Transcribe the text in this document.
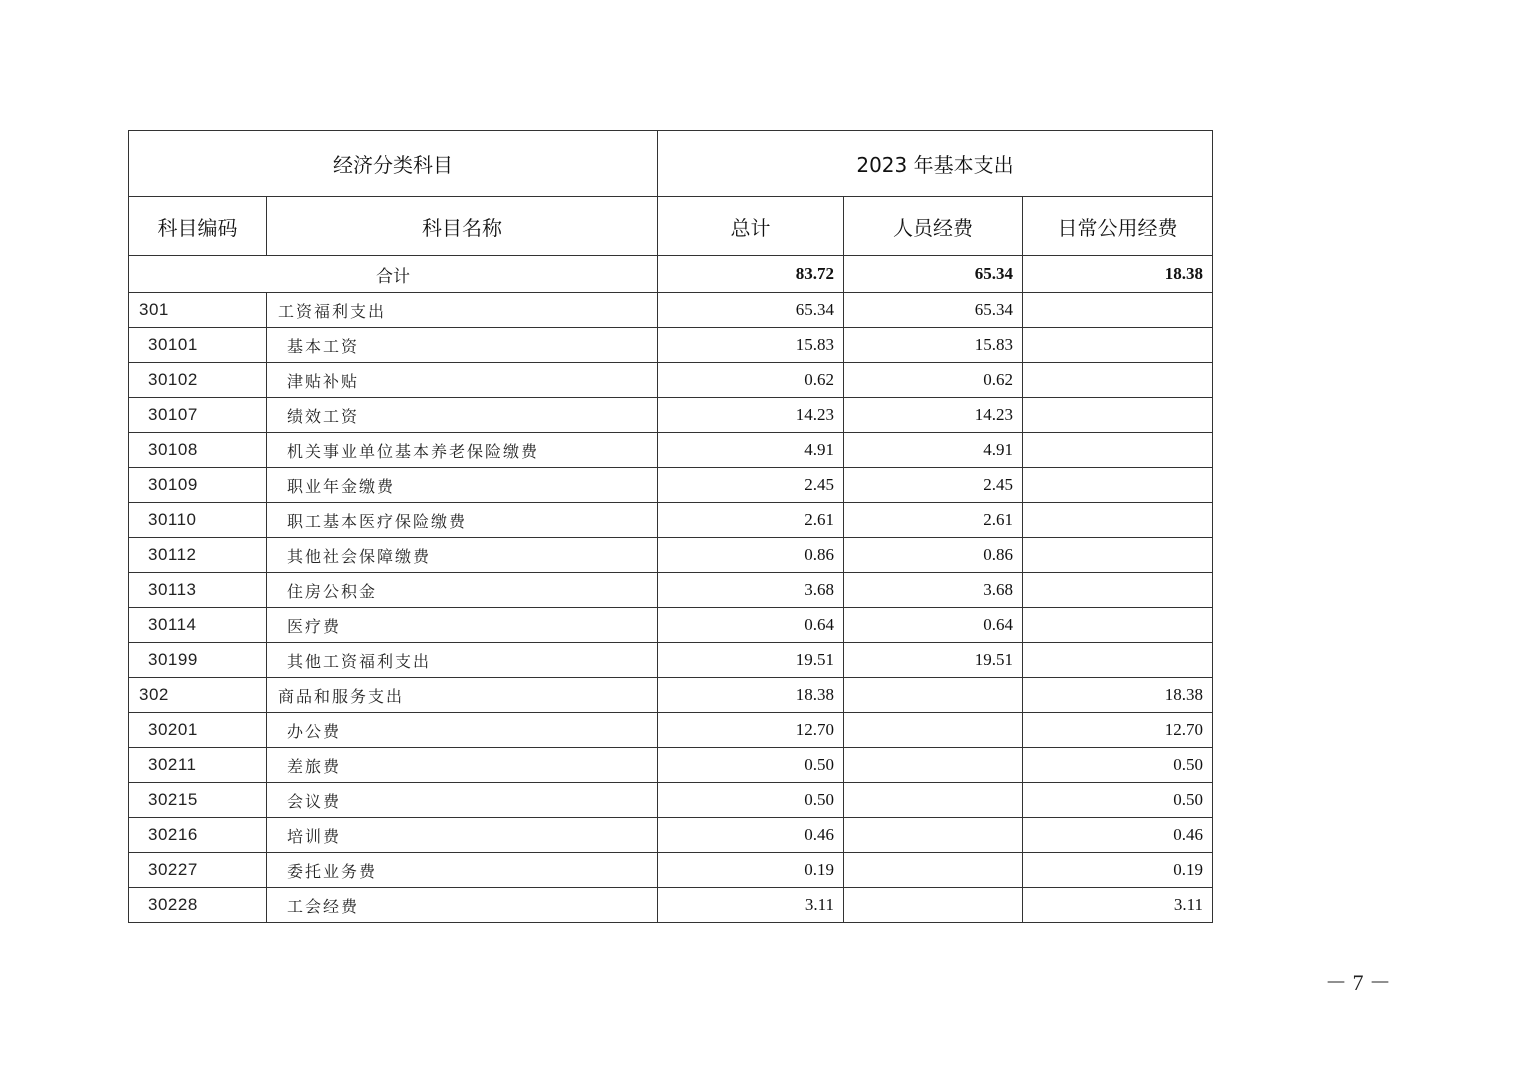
经济分类科目		2023 年基本支出		
科目编码	科目名称	总计	人员经费	日常公用经费
合计		83.72	65.34	18.38
301	工资福利支出	65.34	65.34	
30101	基本工资	15.83	15.83	
30102	津贴补贴	0.62	0.62	
30107	绩效工资	14.23	14.23	
30108	机关事业单位基本养老保险缴费	4.91	4.91	
30109	职业年金缴费	2.45	2.45	
30110	职工基本医疗保险缴费	2.61	2.61	
30112	其他社会保障缴费	0.86	0.86	
30113	住房公积金	3.68	3.68	
30114	医疗费	0.64	0.64	
30199	其他工资福利支出	19.51	19.51	
302	商品和服务支出	18.38		18.38
30201	办公费	12.70		12.70
30211	差旅费	0.50		0.50
30215	会议费	0.50		0.50
30216	培训费	0.46		0.46
30227	委托业务费	0.19		0.19
30228	工会经费	3.11		3.11
－ 7 －
